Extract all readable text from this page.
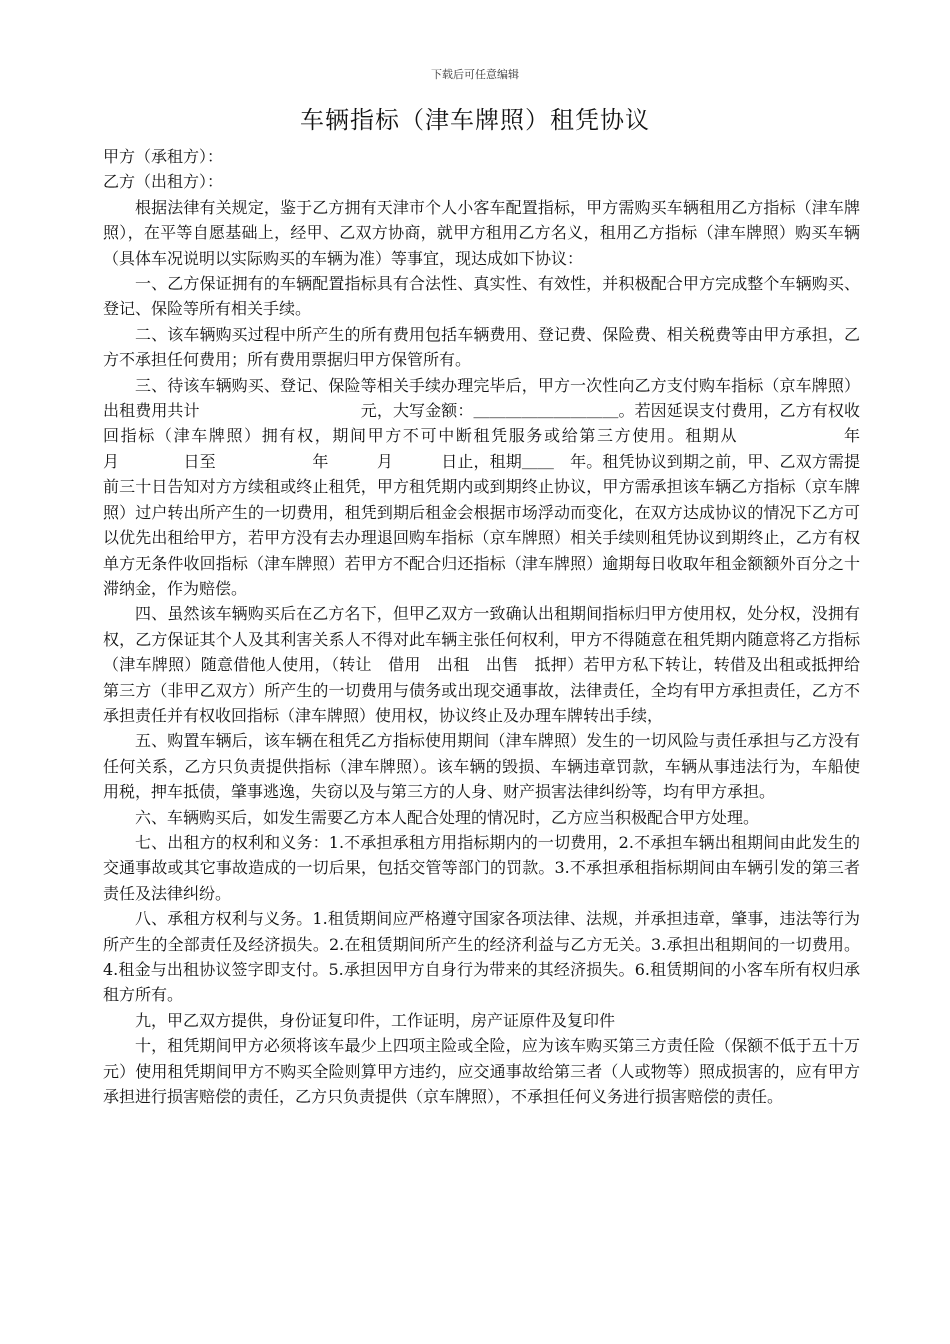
下载后可任意编辑
车辆指标（津车牌照）租凭协议

甲方（承租方）：

乙方（出租方）：

根据法律有关规定，鉴于乙方拥有天津市个人小客车配置指标，甲方需购买车辆租用乙方指标（津车牌照），在平等自愿基础上，经甲、乙双方协商，就甲方租用乙方名义，租用乙方指标（津车牌照）购买车辆（具体车况说明以实际购买的车辆为准）等事宜，现达成如下协议：

一、乙方保证拥有的车辆配置指标具有合法性、真实性、有效性，并积极配合甲方完成整个车辆购买、登记、保险等所有相关手续。

二、该车辆购买过程中所产生的所有费用包括车辆费用、登记费、保险费、相关税费等由甲方承担，乙方不承担任何费用；所有费用票据归甲方保管所有。

三、待该车辆购买、登记、保险等相关手续办理完毕后，甲方一次性向乙方支付购车指标（京车牌照）出租费用共计　　　　　　　　　　元，大写金额：＿＿＿＿＿＿＿＿＿。若因延误支付费用，乙方有权收回指标（津车牌照）拥有权，期间甲方不可中断租凭服务或给第三方使用。租期从　　　　　　年　　　　月　　　　日至　　　　　　年　　　月　　　日止，租期＿＿　年。租凭协议到期之前，甲、乙双方需提前三十日告知对方方续租或终止租凭，甲方租凭期内或到期终止协议，甲方需承担该车辆乙方指标（京车牌照）过户转出所产生的一切费用，租凭到期后租金会根据市场浮动而变化，在双方达成协议的情况下乙方可以优先出租给甲方，若甲方没有去办理退回购车指标（京车牌照）相关手续则租凭协议到期终止，乙方有权单方无条件收回指标（津车牌照）若甲方不配合归还指标（津车牌照）逾期每日收取年租金额额外百分之十滞纳金，作为赔偿。

四、虽然该车辆购买后在乙方名下，但甲乙双方一致确认出租期间指标归甲方使用权，处分权，没拥有权，乙方保证其个人及其利害关系人不得对此车辆主张任何权利，甲方不得随意在租凭期内随意将乙方指标（津车牌照）随意借他人使用，（转让　借用　出租　出售　抵押）若甲方私下转让，转借及出租或抵押给第三方（非甲乙双方）所产生的一切费用与债务或出现交通事故，法律责任，全均有甲方承担责任，乙方不承担责任并有权收回指标（津车牌照）使用权，协议终止及办理车牌转出手续，

五、购置车辆后，该车辆在租凭乙方指标使用期间（津车牌照）发生的一切风险与责任承担与乙方没有任何关系，乙方只负责提供指标（津车牌照）。该车辆的毁损、车辆违章罚款，车辆从事违法行为，车船使用税，押车抵债，肇事逃逸，失窃以及与第三方的人身、财产损害法律纠纷等，均有甲方承担。

六、车辆购买后，如发生需要乙方本人配合处理的情况时，乙方应当积极配合甲方处理。

七、出租方的权利和义务：1.不承担承租方用指标期内的一切费用，2.不承担车辆出租期间由此发生的交通事故或其它事故造成的一切后果，包括交管等部门的罚款。3.不承担承租指标期间由车辆引发的第三者责任及法律纠纷。

八、承租方权利与义务。1.租赁期间应严格遵守国家各项法律、法规，并承担违章，肇事，违法等行为所产生的全部责任及经济损失。2.在租赁期间所产生的经济利益与乙方无关。3.承担出租期间的一切费用。4.租金与出租协议签字即支付。5.承担因甲方自身行为带来的其经济损失。6.租赁期间的小客车所有权归承租方所有。

九，甲乙双方提供，身份证复印件，工作证明，房产证原件及复印件

十，租凭期间甲方必须将该车最少上四项主险或全险，应为该车购买第三方责任险（保额不低于五十万元）使用租凭期间甲方不购买全险则算甲方违约，应交通事故给第三者（人或物等）照成损害的，应有甲方承担进行损害赔偿的责任，乙方只负责提供（京车牌照），不承担任何义务进行损害赔偿的责任。
